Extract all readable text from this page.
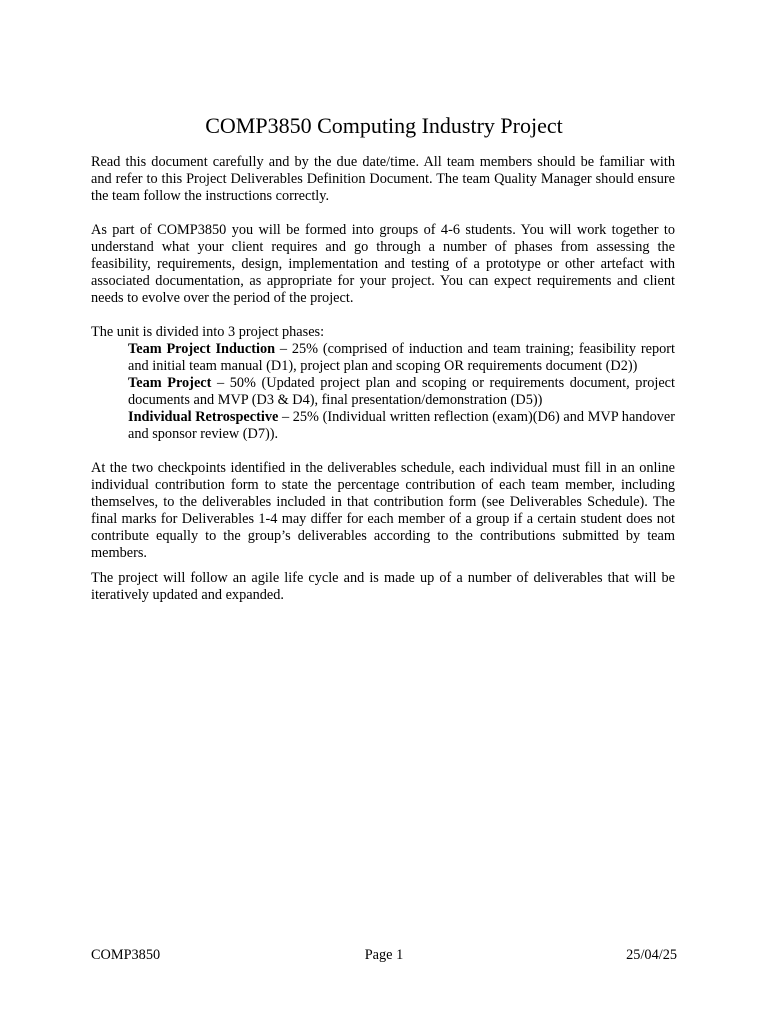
COMP3850 Computing Industry Project

Read this document carefully and by the due date/time. All team members should be familiar with and refer to this Project Deliverables Definition Document. The team Quality Manager should ensure the team follow the instructions correctly.

As part of COMP3850 you will be formed into groups of 4-6 students. You will work together to understand what your client requires and go through a number of phases from assessing the feasibility, requirements, design, implementation and testing of a prototype or other artefact with associated documentation, as appropriate for your project. You can expect requirements and client needs to evolve over the period of the project.

The unit is divided into 3 project phases:

Team Project Induction – 25% (comprised of induction and team training; feasibility report and initial team manual (D1), project plan and scoping OR requirements document (D2))
Team Project – 50% (Updated project plan and scoping or requirements document, project documents and MVP (D3 & D4), final presentation/demonstration (D5))
Individual Retrospective – 25% (Individual written reflection (exam)(D6) and MVP handover and sponsor review (D7)).

At the two checkpoints identified in the deliverables schedule, each individual must fill in an online individual contribution form to state the percentage contribution of each team member, including themselves, to the deliverables included in that contribution form (see Deliverables Schedule). The final marks for Deliverables 1-4 may differ for each member of a group if a certain student does not contribute equally to the group’s deliverables according to the contributions submitted by team members.

The project will follow an agile life cycle and is made up of a number of deliverables that will be iteratively updated and expanded.

COMP3850	Page 1	25/04/25
